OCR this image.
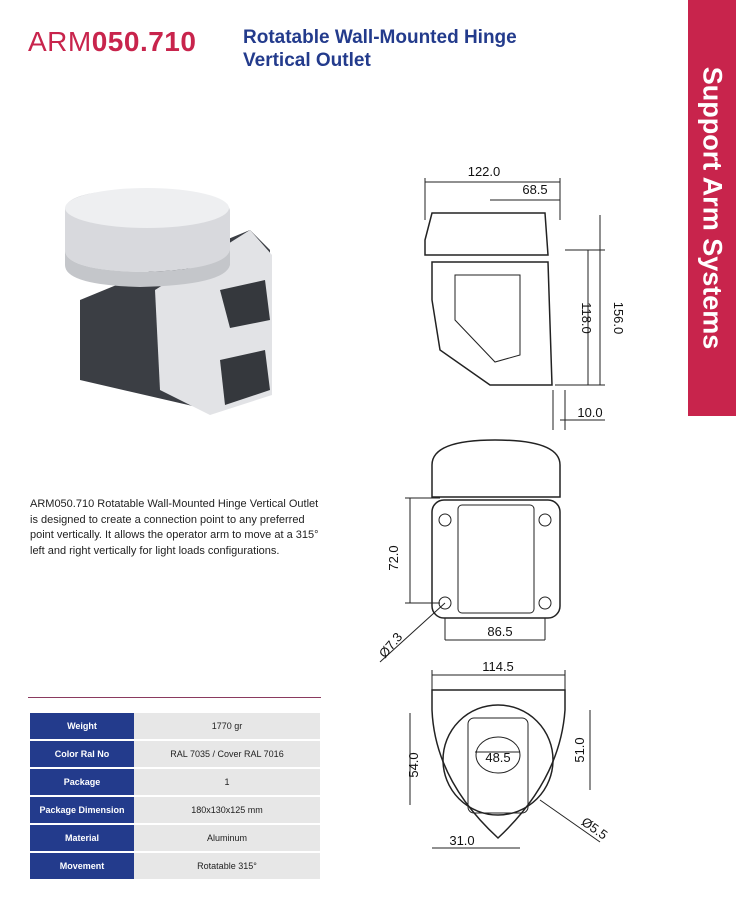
ARM050.710 Rotatable Wall-Mounted Hinge
Vertical Outlet
Support Arm Systems
122.0
68.5
118.0 156.0
10.0
72.0
86.5
Ø7.3
114.5
48.5
54.0
51.0
31.0	Ø5.5

ARM050.710 Rotatable Wall-Mounted Hinge Vertical Outlet is designed to create a connection point to any preferred point vertically. It allows the operator arm to move at a 315° left and right vertically for light loads configurations.

Weight	1770 gr
Color Ral No	RAL 7035 / Cover RAL 7016
Package	1
Package Dimension	180x130x125 mm
Material	Aluminum
Movement	Rotatable 315°
